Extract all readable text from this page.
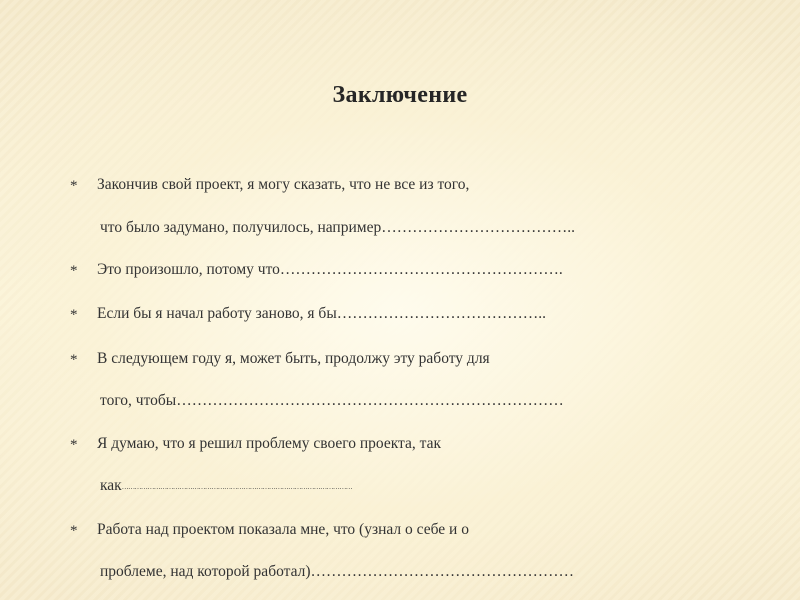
Заключение
* Закончив свой проект, я могу сказать, что не все из того,
что было задумано, получилось, например………………………………..
* Это произошло, потому что……………………………………………….
* Если бы я начал работу заново, я бы…………………………………..
* В следующем году я, может быть, продолжу эту работу для
того, чтобы…………………………………………………………………
* Я думаю, что я решил проблему своего проекта, так
как………………………………………………………………………………………………
* Работа над проектом показала мне, что (узнал о себе и о
проблеме, над которой работал)……………………………………………
